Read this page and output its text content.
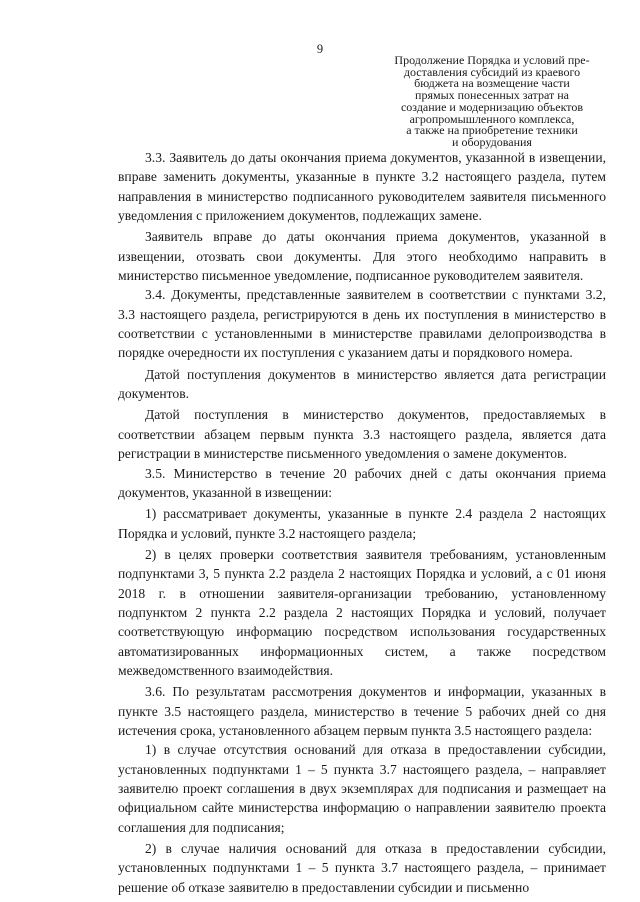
9
Продолжение Порядка и условий пре-
доставления субсидий из краевого
бюджета на возмещение части
прямых понесенных затрат на
создание и модернизацию объектов
агропромышленного комплекса,
а также на приобретение техники
и оборудования

3.3. Заявитель до даты окончания приема документов, указанной в извещении, вправе заменить документы, указанные в пункте 3.2 настоящего раздела, путем направления в министерство подписанного руководителем заявителя письменного уведомления с приложением документов, подлежащих замене.

Заявитель вправе до даты окончания приема документов, указанной в извещении, отозвать свои документы. Для этого необходимо направить в министерство письменное уведомление, подписанное руководителем заявителя.

3.4. Документы, представленные заявителем в соответствии с пунктами 3.2, 3.3 настоящего раздела, регистрируются в день их поступления в министерство в соответствии с установленными в министерстве правилами делопроизводства в порядке очередности их поступления с указанием даты и порядкового номера.

Датой поступления документов в министерство является дата регистрации документов.

Датой поступления в министерство документов, предоставляемых в соответствии абзацем первым пункта 3.3 настоящего раздела, является дата регистрации в министерстве письменного уведомления о замене документов.

3.5. Министерство в течение 20 рабочих дней с даты окончания приема документов, указанной в извещении:

1) рассматривает документы, указанные в пункте 2.4 раздела 2 настоящих Порядка и условий, пункте 3.2 настоящего раздела;

2) в целях проверки соответствия заявителя требованиям, установленным подпунктами 3, 5 пункта 2.2 раздела 2 настоящих Порядка и условий, а с 01 июня 2018 г. в отношении заявителя-организации требованию, установленному подпунктом 2 пункта 2.2 раздела 2 настоящих Порядка и условий, получает соответствующую информацию посредством использования государственных автоматизированных информационных систем, а также посредством межведомственного взаимодействия.

3.6. По результатам рассмотрения документов и информации, указанных в пункте 3.5 настоящего раздела, министерство в течение 5 рабочих дней со дня истечения срока, установленного абзацем первым пункта 3.5 настоящего раздела:

1) в случае отсутствия оснований для отказа в предоставлении субсидии, установленных подпунктами 1 – 5 пункта 3.7 настоящего раздела, – направляет заявителю проект соглашения в двух экземплярах для подписания и размещает на официальном сайте министерства информацию о направлении заявителю проекта соглашения для подписания;

2) в случае наличия оснований для отказа в предоставлении субсидии, установленных подпунктами 1 – 5 пункта 3.7 настоящего раздела, – принимает решение об отказе заявителю в предоставлении субсидии и письменно
